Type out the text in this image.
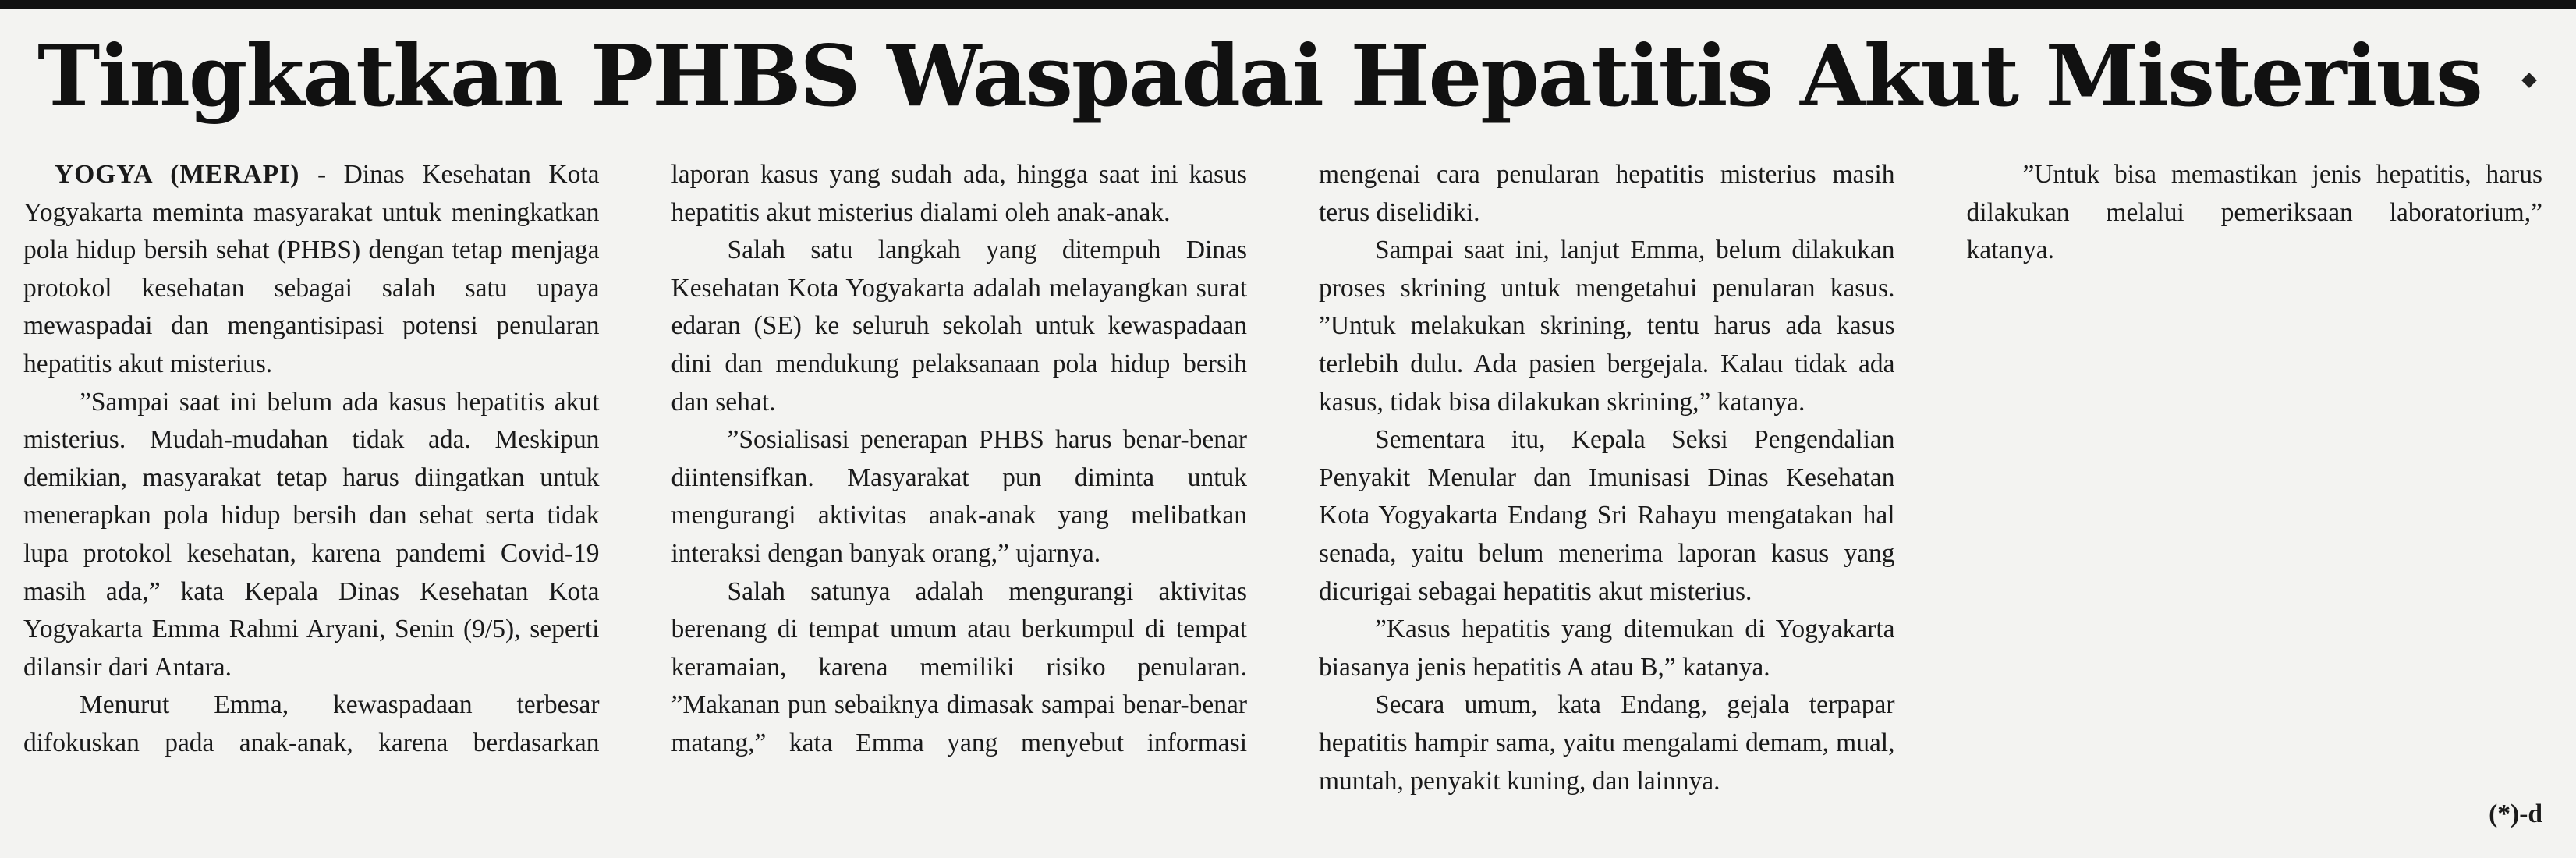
Tingkatkan PHBS Waspadai Hepatitis Akut Misterius

YOGYA (MERAPI) - Dinas Kesehatan Kota Yogyakarta meminta masyarakat untuk meningkatkan pola hidup bersih sehat (PHBS) dengan tetap menjaga protokol kesehatan sebagai salah satu upaya mewaspadai dan mengantisipasi potensi penularan hepatitis akut misterius.

”Sampai saat ini belum ada kasus hepatitis akut misterius. Mudah-mudahan tidak ada. Meskipun demikian, masyarakat tetap harus diingatkan untuk menerapkan pola hidup bersih dan sehat serta tidak lupa protokol kesehatan, karena pandemi Covid-19 masih ada,” kata Kepala Dinas Kesehatan Kota Yogyakarta Emma Rahmi Aryani, Senin (9/5), seperti dilansir dari Antara.

Menurut Emma, kewaspadaan terbesar difokuskan pada anak-anak, karena berdasarkan laporan kasus yang sudah ada, hingga saat ini kasus hepatitis akut misterius dialami oleh anak-anak.

Salah satu langkah yang ditempuh Dinas Kesehatan Kota Yogyakarta adalah melayangkan surat edaran (SE) ke seluruh sekolah untuk kewaspadaan dini dan mendukung pelaksanaan pola hidup bersih dan sehat.

”Sosialisasi penerapan PHBS harus benar-benar diintensifkan. Masyarakat pun diminta untuk mengurangi aktivitas anak-anak yang melibatkan interaksi dengan banyak orang,” ujarnya.

Salah satunya adalah mengurangi aktivitas berenang di tempat umum atau berkumpul di tempat keramaian, karena memiliki risiko penularan. ”Makanan pun sebaiknya dimasak sampai benar-benar matang,” kata Emma yang menyebut informasi mengenai cara penularan hepatitis misterius masih terus diselidiki.

Sampai saat ini, lanjut Emma, belum dilakukan proses skrining untuk mengetahui penularan kasus. ”Untuk melakukan skrining, tentu harus ada kasus terlebih dulu. Ada pasien bergejala. Kalau tidak ada kasus, tidak bisa dilakukan skrining,” katanya.

Sementara itu, Kepala Seksi Pengendalian Penyakit Menular dan Imunisasi Dinas Kesehatan Kota Yogyakarta Endang Sri Rahayu mengatakan hal senada, yaitu belum menerima laporan kasus yang dicurigai sebagai hepatitis akut misterius.

”Kasus hepatitis yang ditemukan di Yogyakarta biasanya jenis hepatitis A atau B,” katanya.

Secara umum, kata Endang, gejala terpapar hepatitis hampir sama, yaitu mengalami demam, mual, muntah, penyakit kuning, dan lainnya.

”Untuk bisa memastikan jenis hepatitis, harus dilakukan melalui pemeriksaan laboratorium,” katanya.

(*)-d
